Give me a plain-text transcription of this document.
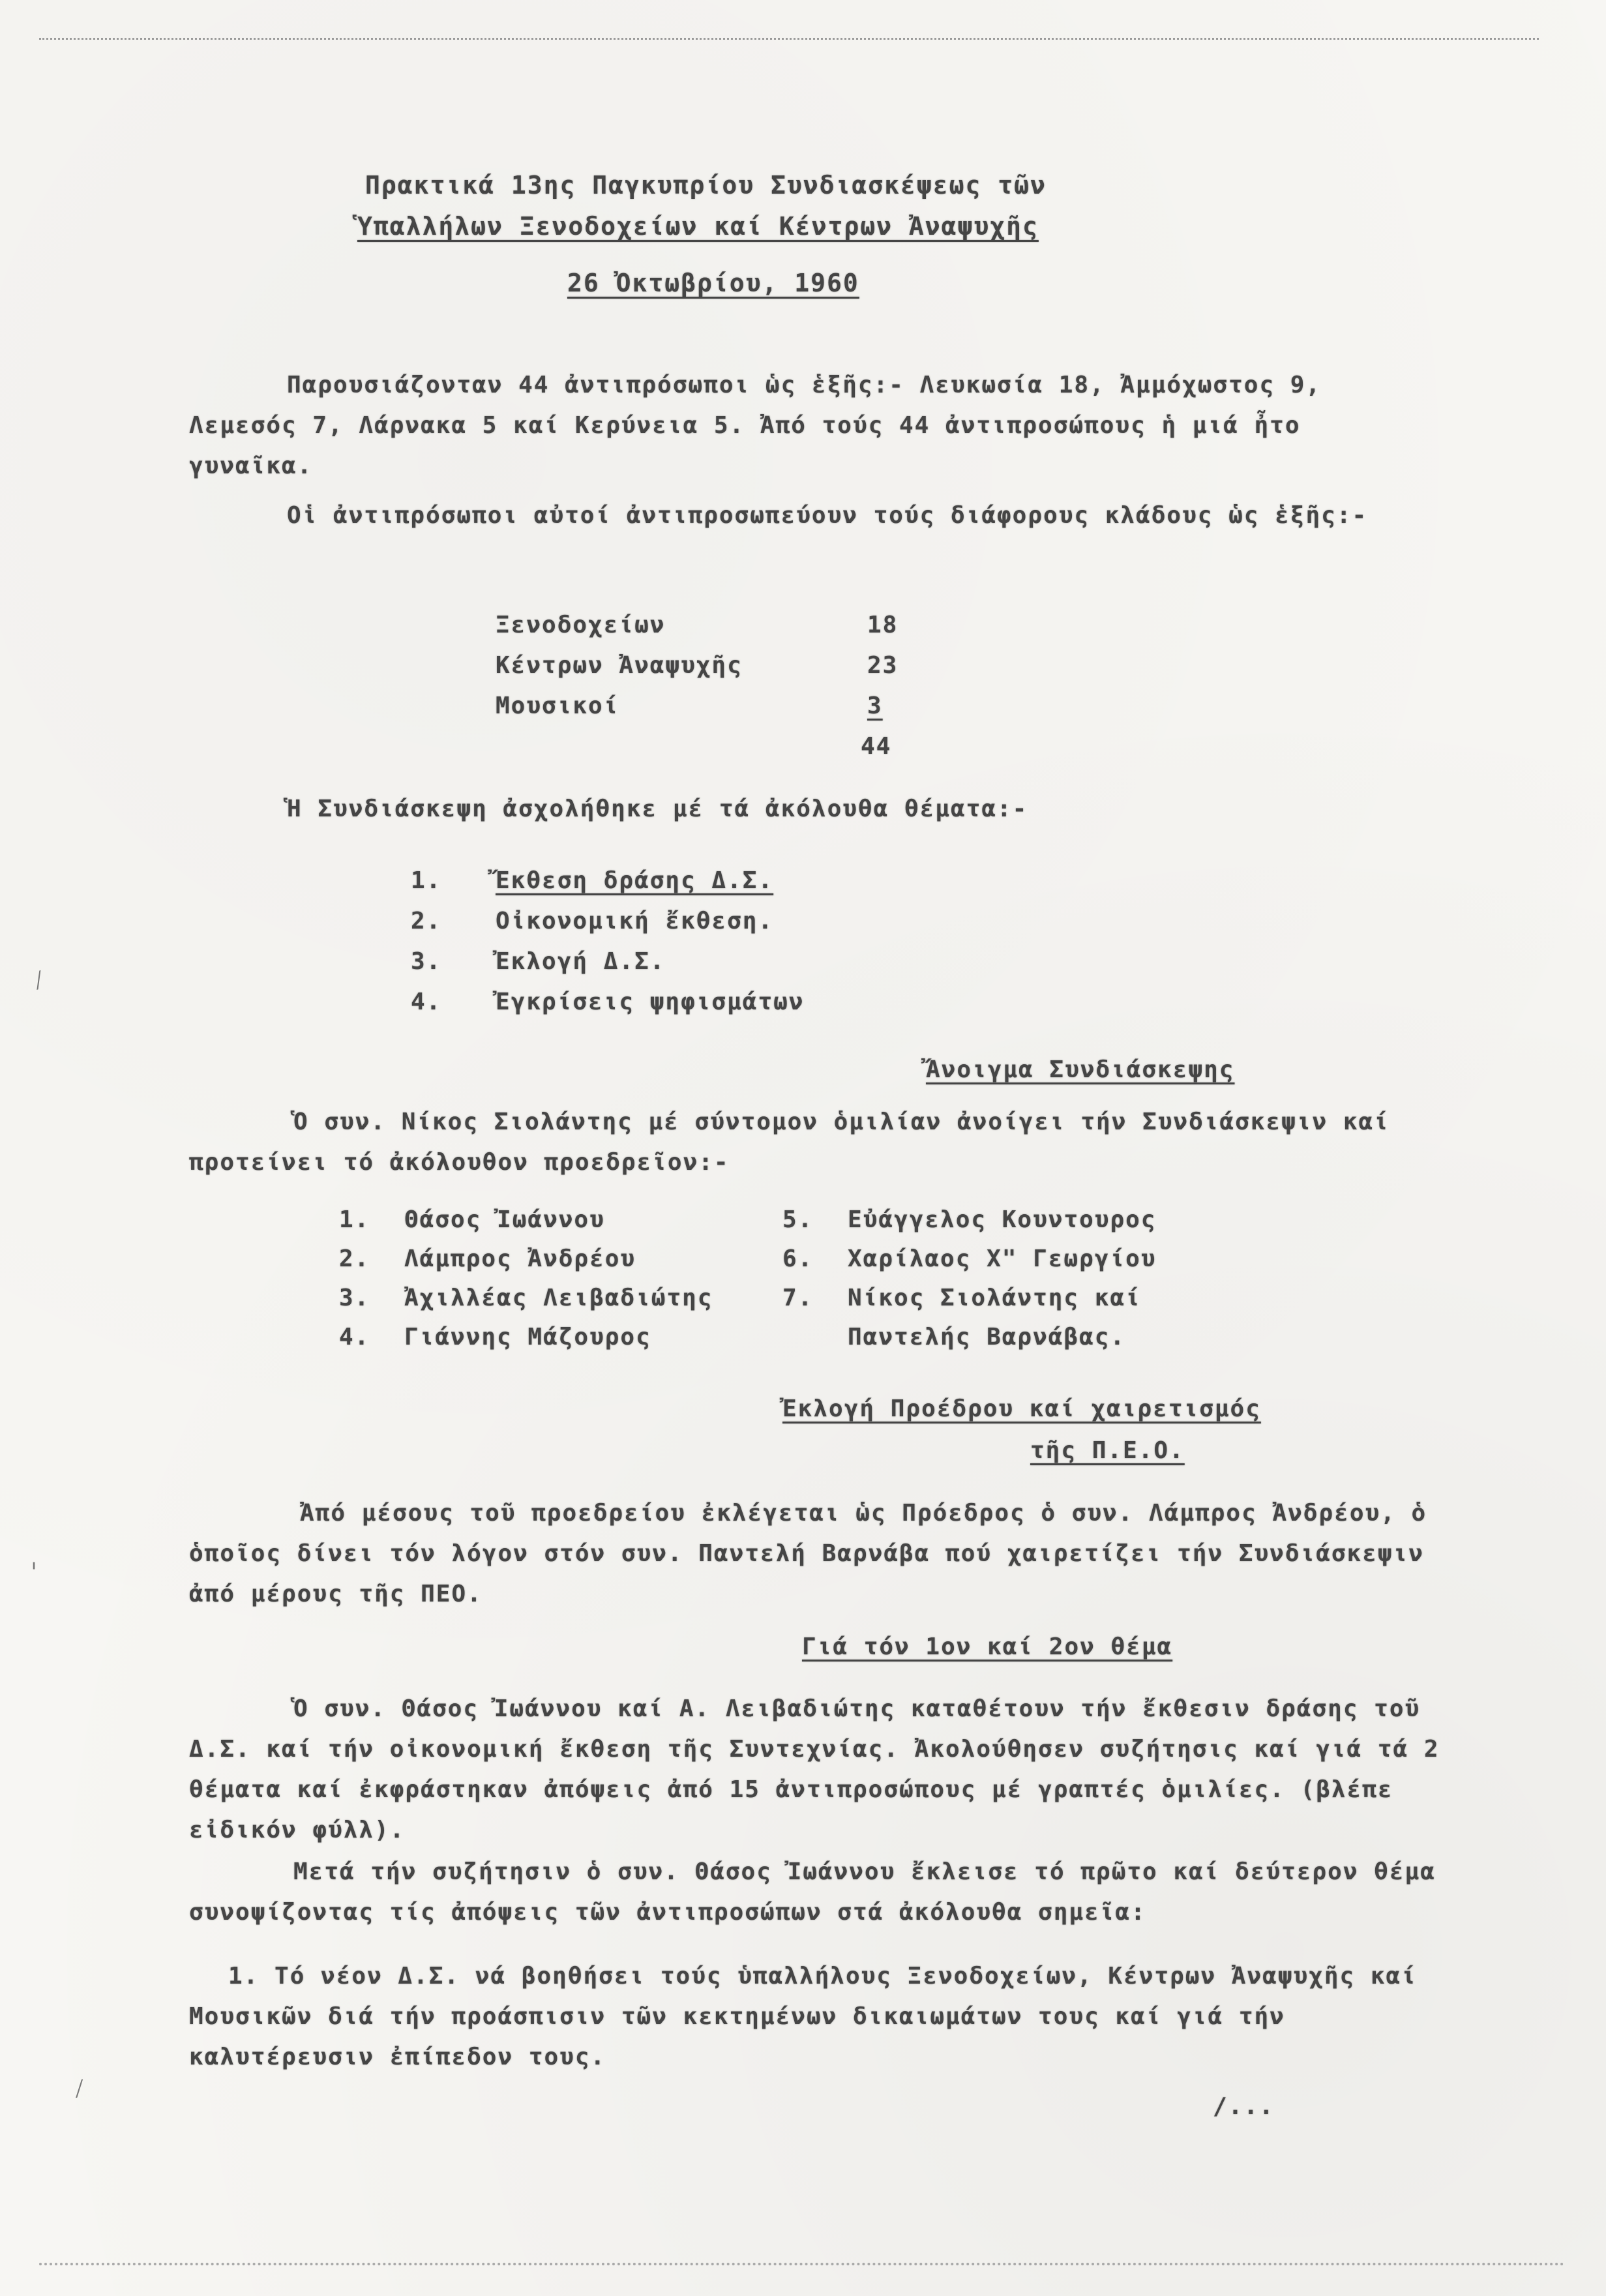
Πρακτικά 13ης Παγκυπρίου Συνδιασκέψεως τῶν
Ὑπαλλήλων Ξενοδοχείων καί Κέντρων Ἀναψυχῆς
26 Ὀκτωβρίου, 1960
Παρουσιάζονταν 44 ἀντιπρόσωποι ὡς ἑξῆς:- Λευκωσία 18, Ἀμμόχωστος 9, Λεμεσός 7, Λάρνακα 5 καί Κερύνεια 5. Ἀπό τούς 44 ἀντιπροσώπους ἡ μιά ἦτο γυναῖκα.
Οἱ ἀντιπρόσωποι αὐτοί ἀντιπροσωπεύουν τούς διάφορους κλάδους ὡς ἑξῆς:-
Ξενοδοχείων	18
Κέντρων Ἀναψυχῆς	23
Μουσικοί	3
44
Ἡ Συνδιάσκεψη ἀσχολήθηκε μέ τά ἀκόλουθα θέματα:-
1. Ἔκθεση δράσης Δ.Σ.
2. Οἰκονομική ἔκθεση.
3. Ἐκλογή Δ.Σ.
4. Ἐγκρίσεις ψηφισμάτων
Ἄνοιγμα Συνδιάσκεψης
Ὁ συν. Νίκος Σιολάντης μέ σύντομον ὁμιλίαν ἀνοίγει τήν Συνδιάσκεψιν καί προτείνει τό ἀκόλουθον προεδρεῖον:-
1. Θάσος Ἰωάννου
2. Λάμπρος Ἀνδρέου
3. Ἀχιλλέας Λειβαδιώτης
4. Γιάννης Μάζουρος
5. Εὐάγγελος Κουντουρος
6. Χαρίλαος Χ" Γεωργίου
7. Νίκος Σιολάντης καί
Παντελής Βαρνάβας.
Ἐκλογή Προέδρου καί χαιρετισμός
τῆς Π.Ε.Ο.
Ἀπό μέσους τοῦ προεδρείου ἐκλέγεται ὡς Πρόεδρος ὁ συν. Λάμπρος Ἀνδρέου, ὁ ὁποῖος δίνει τόν λόγον στόν συν. Παντελή Βαρνάβα πού χαιρετίζει τήν Συνδιάσκεψιν ἀπό μέρους τῆς ΠΕΟ.
Γιά τόν 1ον καί 2ον θέμα
Ὁ συν. Θάσος Ἰωάννου καί Α. Λειβαδιώτης καταθέτουν τήν ἔκθεσιν δράσης τοῦ Δ.Σ. καί τήν οἰκονομική ἔκθεση τῆς Συντεχνίας. Ἀκολούθησεν συζήτησις καί γιά τά 2 θέματα καί ἐκφράστηκαν ἀπόψεις ἀπό 15 ἀντιπροσώπους μέ γραπτές ὁμιλίες. (βλέπε εἰδικόν φύλλ).
Μετά τήν συζήτησιν ὁ συν. Θάσος Ἰωάννου ἔκλεισε τό πρῶτο καί δεύτερον θέμα συνοψίζοντας τίς ἀπόψεις τῶν ἀντιπροσώπων στά ἀκόλουθα σημεῖα:
1. Τό νέον Δ.Σ. νά βοηθήσει τούς ὑπαλλήλους Ξενοδοχείων, Κέντρων Ἀναψυχῆς καί Μουσικῶν διά τήν προάσπισιν τῶν κεκτημένων δικαιωμάτων τους καί γιά τήν καλυτέρευσιν ἐπίπεδον τους.
/...
⁄
ˈ
⁄
